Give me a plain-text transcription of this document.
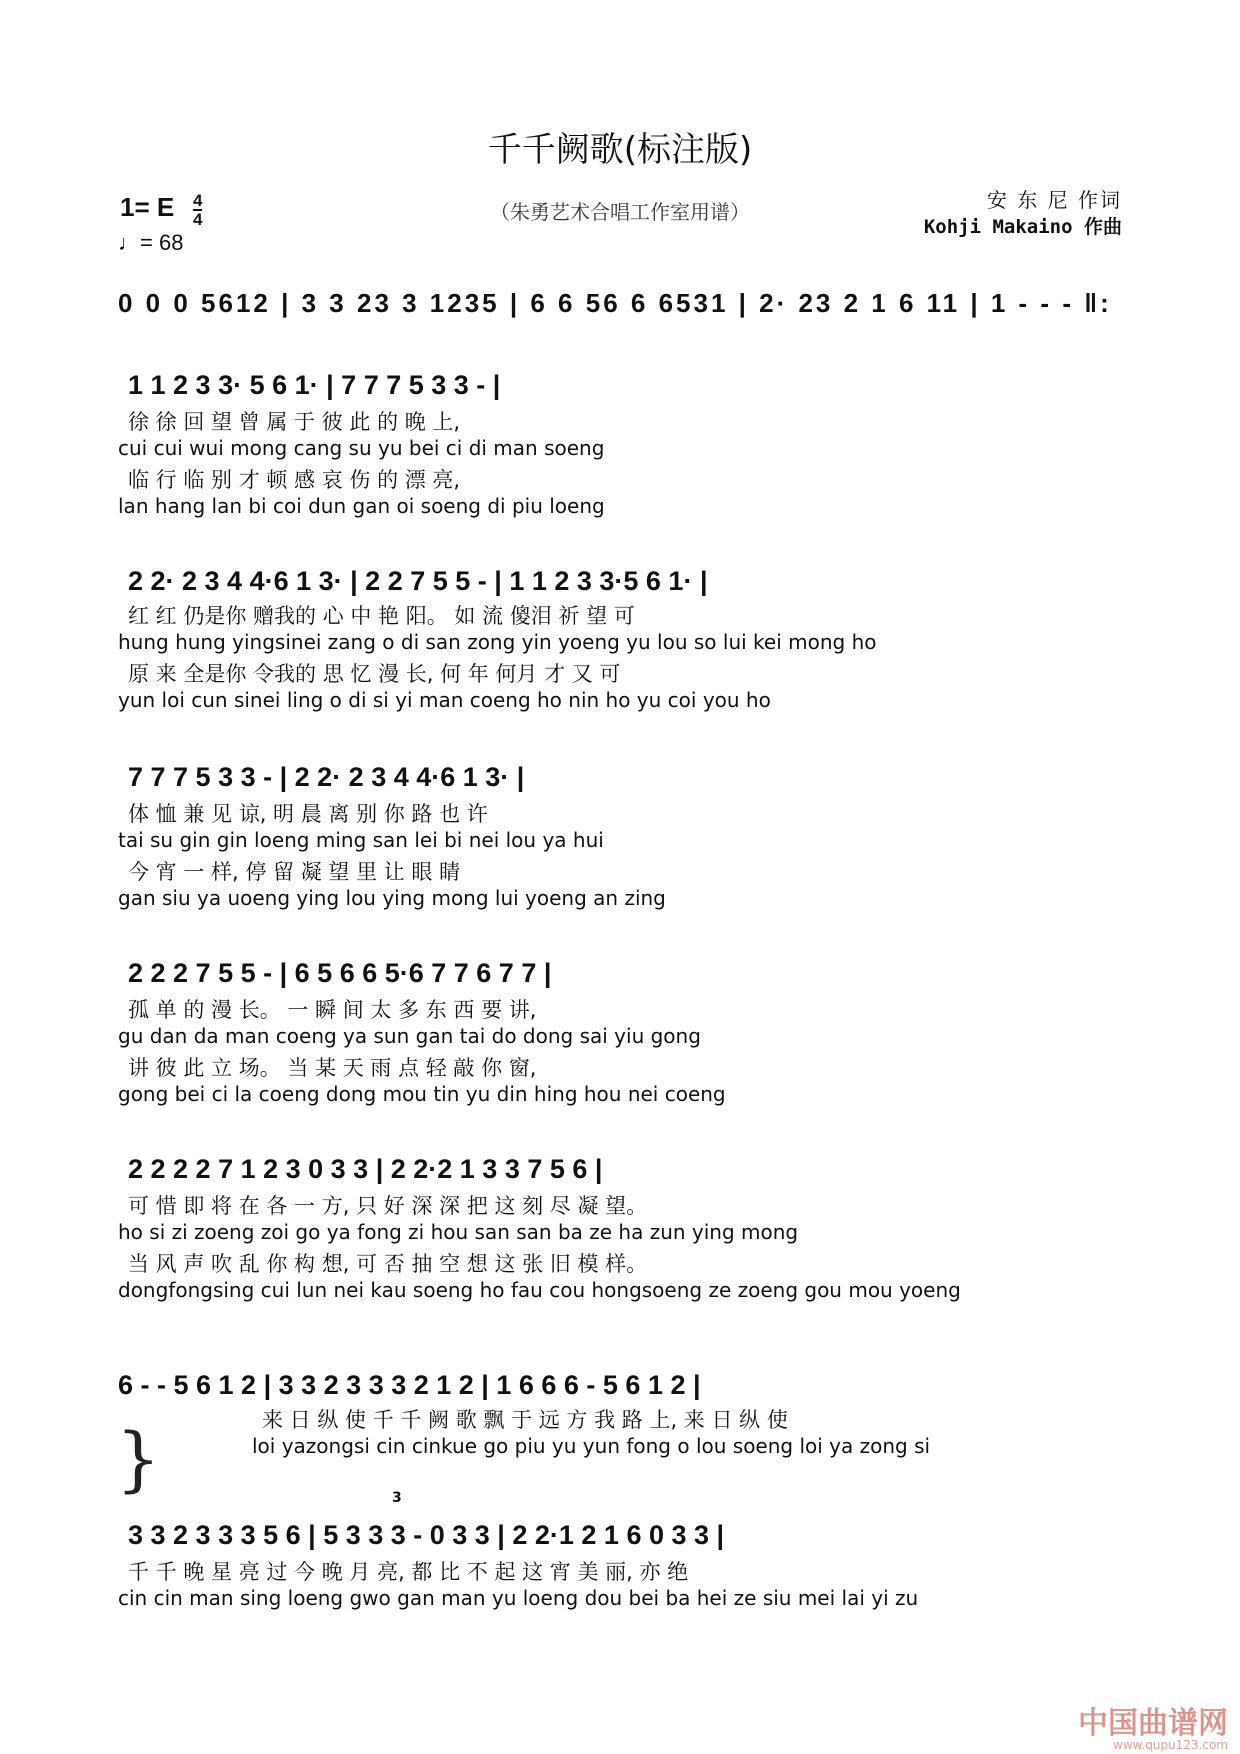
千千阙歌(标注版)
1= E 4
4
♩= 68
（朱勇艺术合唱工作室用谱）	安 东 尼 作词
Kohji Makaino 作曲
0 0 0 5612 | 3 3 23 3 1235 | 6 6 56 6 6531 | 2· 23 2 1 6 11 | 1 - - - ‖:
1 1 2 3 3· 5 6 1· | 7 7 7 5 3 3 - |
徐 徐 回 望 曾 属 于 彼 此 的 晚 上,
cui cui wui mong cang su yu bei ci di man soeng
临 行 临 别 才 顿 感 哀 伤 的 漂 亮,
lan hang lan bi coi dun gan oi soeng di piu loeng
2 2· 2 3 4 4·6 1 3· | 2 2 7 5 5 - | 1 1 2 3 3·5 6 1· |
红 红 仍是你 赠我的 心 中 艳 阳。 如 流 傻泪 祈 望 可
hung hung yingsinei zang o di san zong yin yoeng yu lou so lui kei mong ho
原 来 全是你 令我的 思 忆 漫 长, 何 年 何月 才 又 可
yun loi cun sinei ling o di si yi man coeng ho nin ho yu coi you ho
7 7 7 5 3 3 - | 2 2· 2 3 4 4·6 1 3· |
体 恤 兼 见 谅, 明 晨 离 别 你 路 也 许
tai su gin gin loeng ming san lei bi nei lou ya hui
今 宵 一 样, 停 留 凝 望 里 让 眼 睛
gan siu ya uoeng ying lou ying mong lui yoeng an zing
2 2 2 7 5 5 - | 6 5 6 6 5·6 7 7 6 7 7 |
孤 单 的 漫 长。 一 瞬 间 太 多 东 西 要 讲,
gu dan da man coeng ya sun gan tai do dong sai yiu gong
讲 彼 此 立 场。 当 某 天 雨 点 轻 敲 你 窗,
gong bei ci la coeng dong mou tin yu din hing hou nei coeng
2 2 2 2 7 1 2 3 0 3 3 | 2 2·2 1 3 3 7 5 6 |
可 惜 即 将 在 各 一 方, 只 好 深 深 把 这 刻 尽 凝 望。
ho si zi zoeng zoi go ya fong zi hou san san ba ze ha zun ying mong
当 风 声 吹 乱 你 构 想, 可 否 抽 空 想 这 张 旧 模 样。
dongfongsing cui lun nei kau soeng ho fau cou hongsoeng ze zoeng gou mou yoeng
6 - - 5 6 1 2 | 3 3 2 3 3 3 2 1 2 | 1 6 6 6 - 5 6 1 2 |
}	来 日 纵 使 千 千 阙 歌 飘 于 远 方 我 路 上, 来 日 纵 使
loi yazongsi cin cinkue go piu yu yun fong o lou soeng loi ya zong si
3
3 3 2 3 3 3 5 6 | 5 3 3 3 - 0 3 3 | 2 2·1 2 1 6 0 3 3 |
千 千 晚 星 亮 过 今 晚 月 亮, 都 比 不 起 这 宵 美 丽, 亦 绝
cin cin man sing loeng gwo gan man yu loeng dou bei ba hei ze siu mei lai yi zu
中国曲谱网
www.qupu123.com
